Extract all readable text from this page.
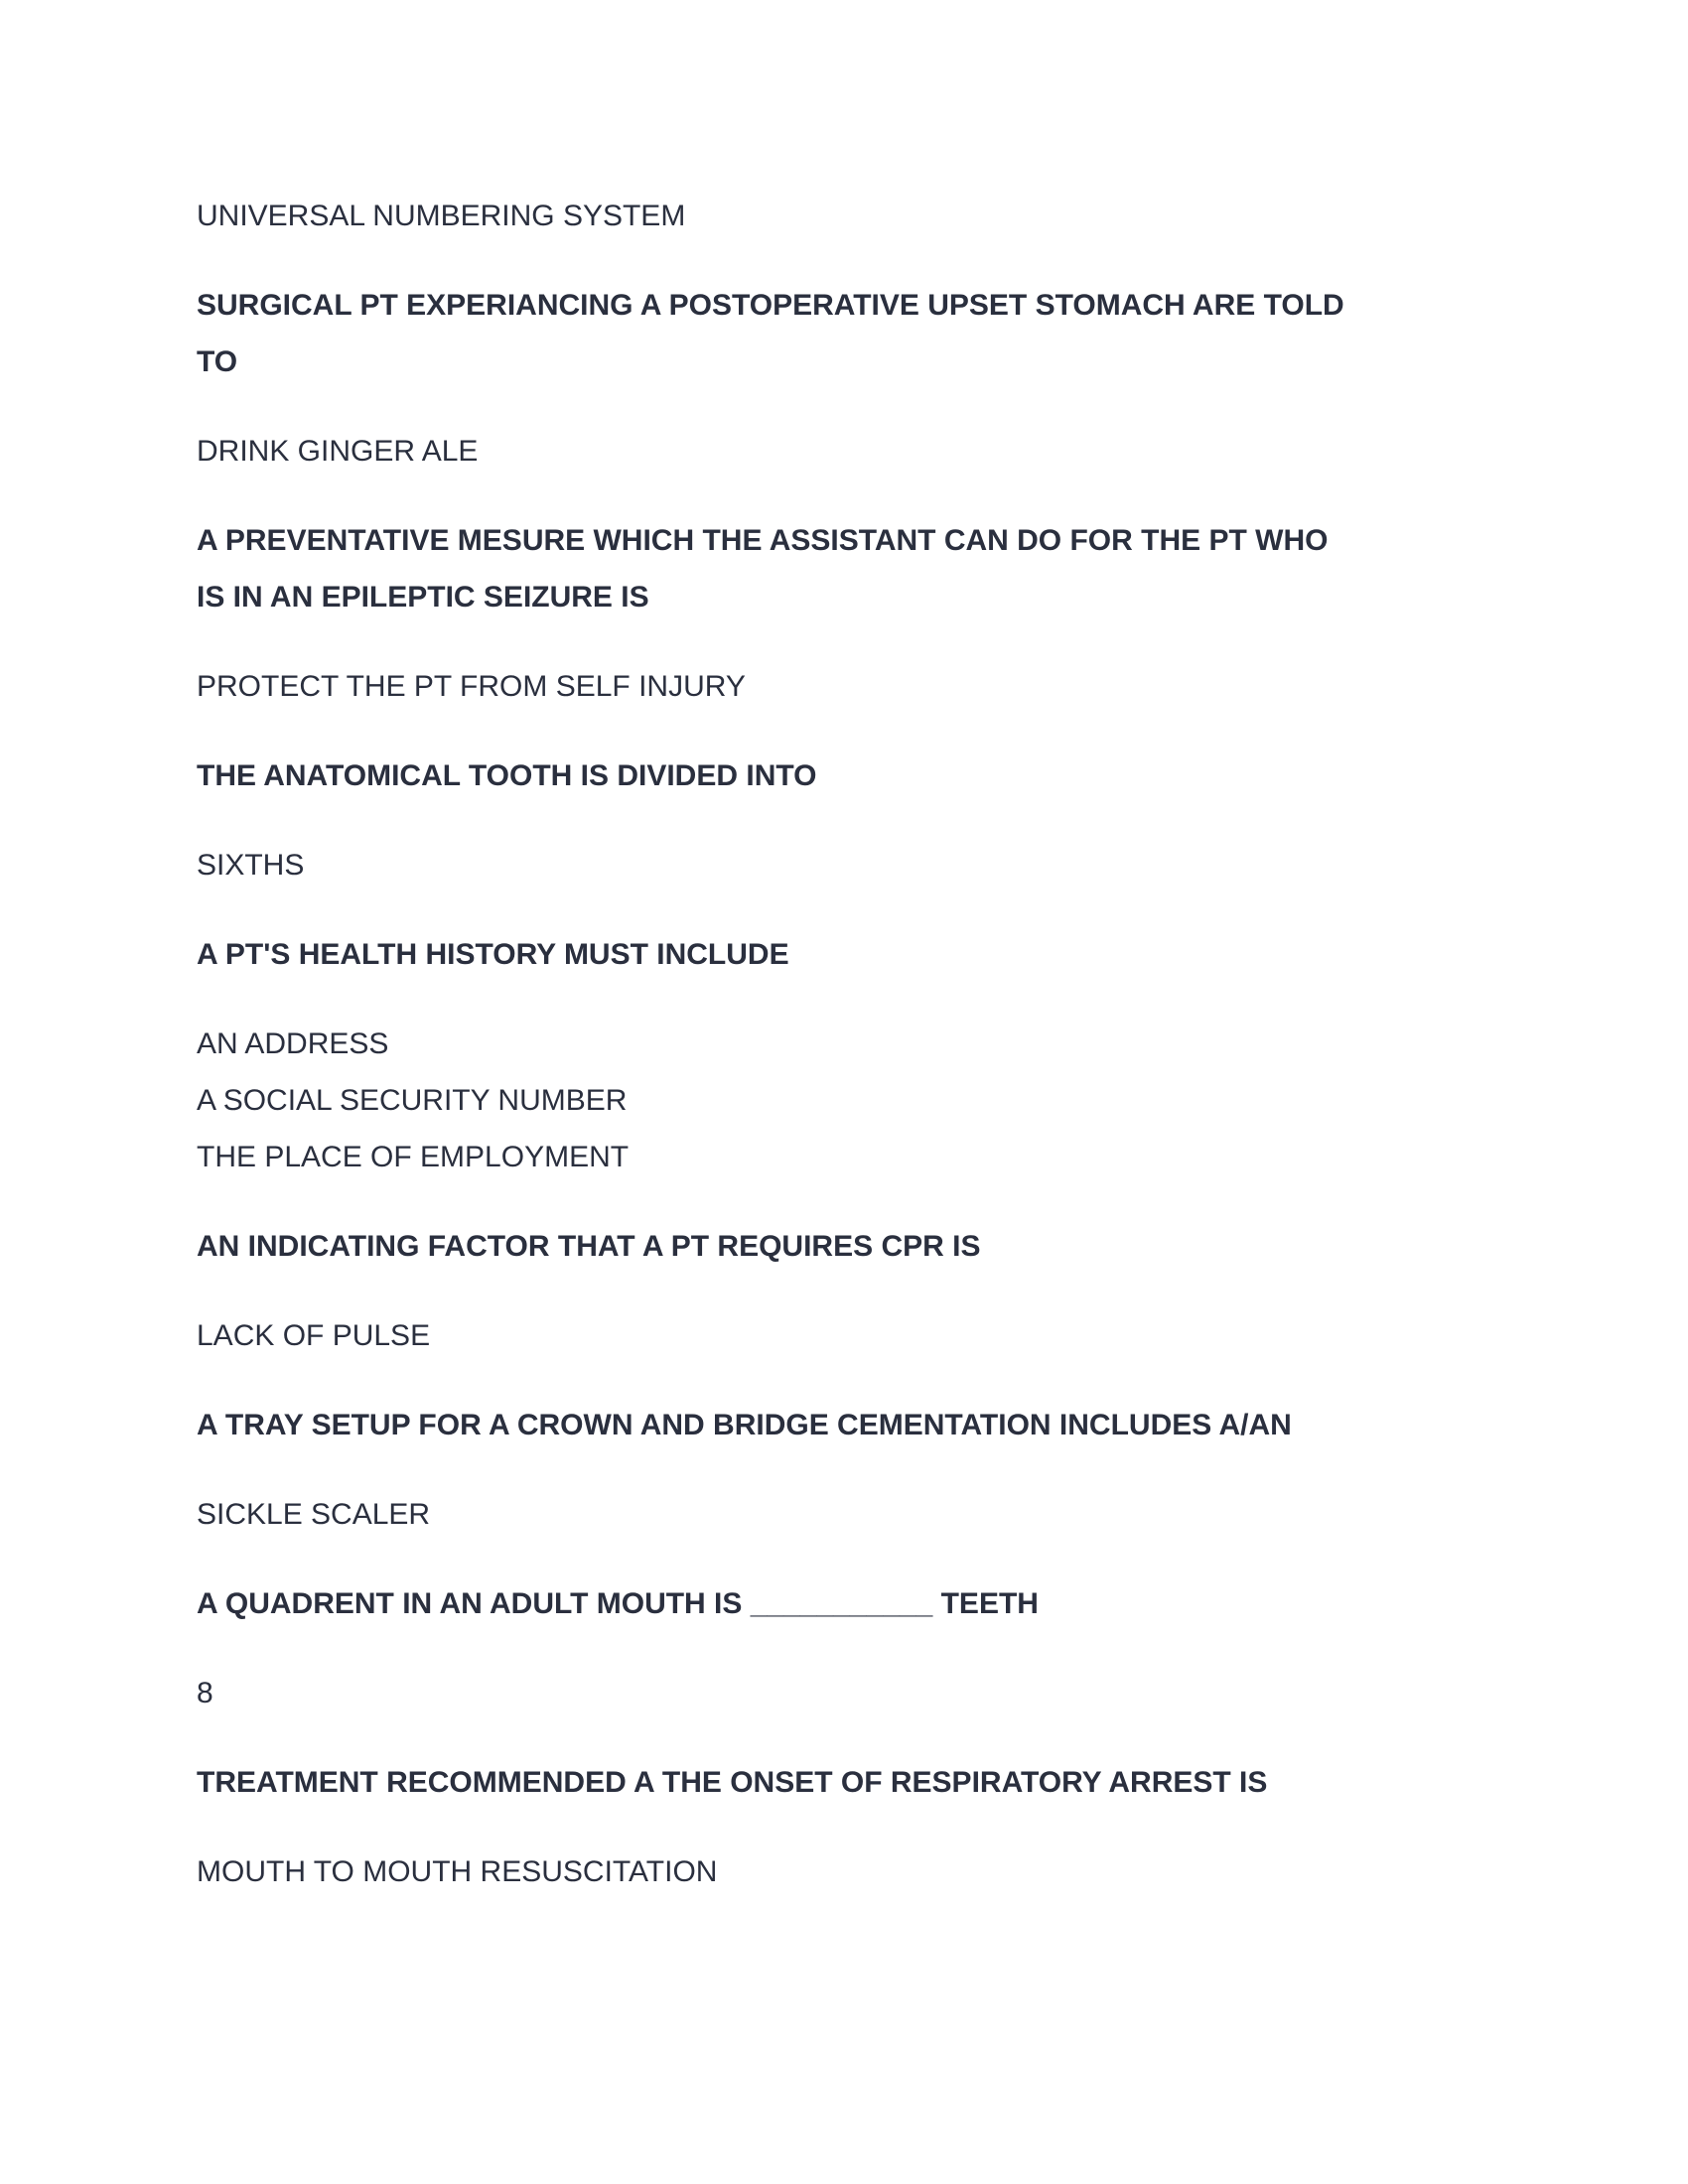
UNIVERSAL NUMBERING SYSTEM
SURGICAL PT EXPERIANCING A POSTOPERATIVE UPSET STOMACH ARE TOLD
TO
DRINK GINGER ALE
A PREVENTATIVE MESURE WHICH THE ASSISTANT CAN DO FOR THE PT WHO
IS IN AN EPILEPTIC SEIZURE IS
PROTECT THE PT FROM SELF INJURY
THE ANATOMICAL TOOTH IS DIVIDED INTO
SIXTHS
A PT'S HEALTH HISTORY MUST INCLUDE
AN ADDRESS
A SOCIAL SECURITY NUMBER
THE PLACE OF EMPLOYMENT
AN INDICATING FACTOR THAT A PT REQUIRES CPR IS
LACK OF PULSE
A TRAY SETUP FOR A CROWN AND BRIDGE CEMENTATION INCLUDES A/AN
SICKLE SCALER
A QUADRENT IN AN ADULT MOUTH IS ___________ TEETH
8
TREATMENT RECOMMENDED A THE ONSET OF RESPIRATORY ARREST IS
MOUTH TO MOUTH RESUSCITATION
